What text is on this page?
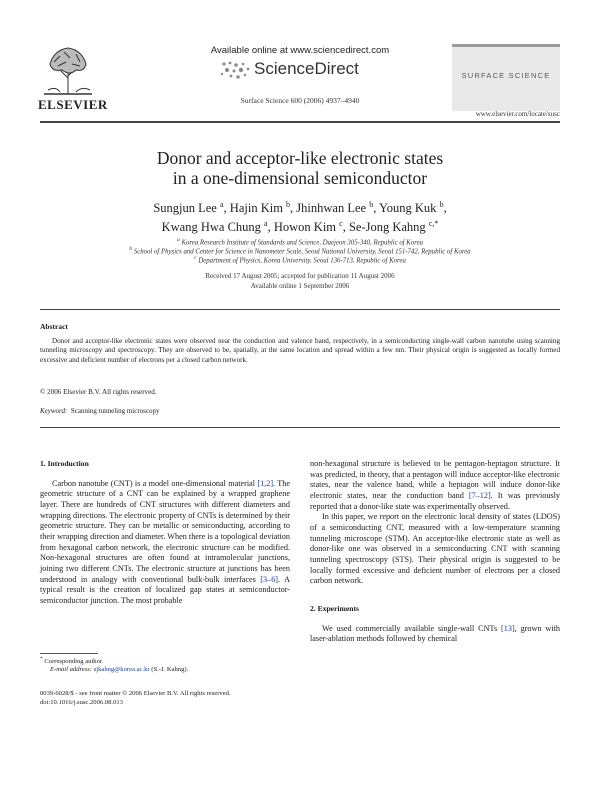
ELSEVIER
Available online at www.sciencedirect.com
ScienceDirect
Surface Science 600 (2006) 4937–4940
SURFACE SCIENCE
www.elsevier.com/locate/susc
Donor and acceptor-like electronic states
in a one-dimensional semiconductor
Sungjun Lee $^a$, Hajin Kim $^b$, Jhinhwan Lee $^b$, Young Kuk $^b$,
Kwang Hwa Chung $^a$, Howon Kim $^c$, Se-Jong Kahng $^{c,*}$
$^a$ Korea Research Institute of Standards and Science, Daejeon 305-340, Republic of Korea
$^b$ School of Physics and Center for Science in Nanometer Scale, Seoul National University, Seoul 151-742, Republic of Korea
$^c$ Department of Physics, Korea University, Seoul 136-713, Republic of Korea
Received 17 August 2005; accepted for publication 11 August 2006
Available online 1 September 2006
Abstract
Donor and acceptor-like electronic states were observed near the conduction and valence band, respectively, in a semiconducting single-wall carbon nanotube using scanning tunneling microscopy and spectroscopy. They are observed to be, spatially, at the same location and spread within a few nm. Their physical origin is suggested as locally formed excessive and deficient number of electrons per a closed carbon network.
© 2006 Elsevier B.V. All rights reserved.
Keyword: Scanning tunneling microscopy
1. Introduction

Carbon nanotube (CNT) is a model one-dimensional material [1,2]. The geometric structure of a CNT can be explained by a wrapped graphene layer. There are hundreds of CNT structures with different diameters and wrapping directions. The electronic property of CNTs is determined by their geometric structure. They can be metallic or semiconducting, according to their wrapping direction and diameter. When there is a topological deviation from hexagonal carbon network, the electronic structure can be modified. Non-hexagonal structures are often found at intramolecular junctions, joining two different CNTs. The electronic structure at junctions has been understood in analogy with conventional bulk-bulk interfaces [3–6]. A typical result is the creation of localized gap states at semiconductor-semiconductor junction. The most probable

non-hexagonal structure is believed to be pentagon-heptagon structure. It was predicted, in theory, that a pentagon will induce acceptor-like electronic states, near the valence band, while a heptagon will induce donor-like electronic states, near the conduction band [7–12]. It was previously reported that a donor-like state was experimentally observed.

In this paper, we report on the electronic local density of states (LDOS) of a semiconducting CNT, measured with a low-temperature scanning tunneling microscope (STM). An acceptor-like electronic state as well as donor-like one was observed in a semiconducting CNT with scanning tunneling spectroscopy (STS). Their physical origin is suggested to be locally formed excessive and deficient number of electrons per a closed carbon network.

2. Experiments

We used commercially available single-wall CNTs [13], grown with laser-ablation methods followed by chemical

* Corresponding author.
E-mail address: sjkahng@korea.ac.kr (S.-J. Kahng).
0039-6028/$ - see front matter © 2006 Elsevier B.V. All rights reserved.
doi:10.1016/j.susc.2006.08.013
